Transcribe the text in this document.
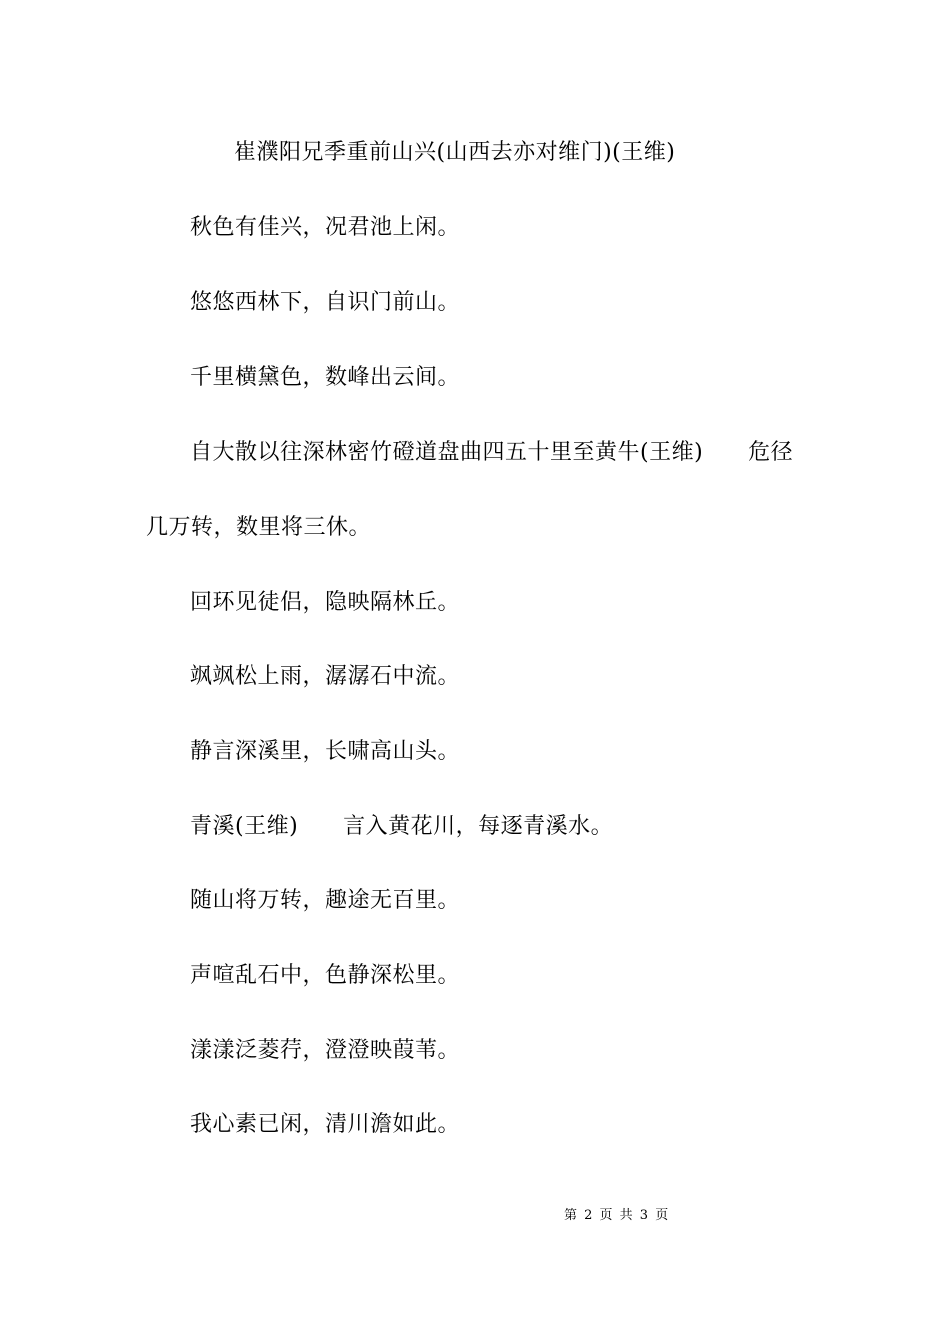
崔濮阳兄季重前山兴(山西去亦对维门)(王维)
秋色有佳兴，况君池上闲。
悠悠西林下，自识门前山。
千里横黛色，数峰出云间。
自大散以往深林密竹磴道盘曲四五十里至黄牛(王维)　　危径
几万转，数里将三休。
回环见徒侣，隐映隔林丘。
飒飒松上雨，潺潺石中流。
静言深溪里，长啸高山头。
青溪(王维)　　言入黄花川，每逐青溪水。
随山将万转，趣途无百里。
声喧乱石中，色静深松里。
漾漾泛菱荇，澄澄映葭苇。
我心素已闲，清川澹如此。
第 2 页 共 3 页
